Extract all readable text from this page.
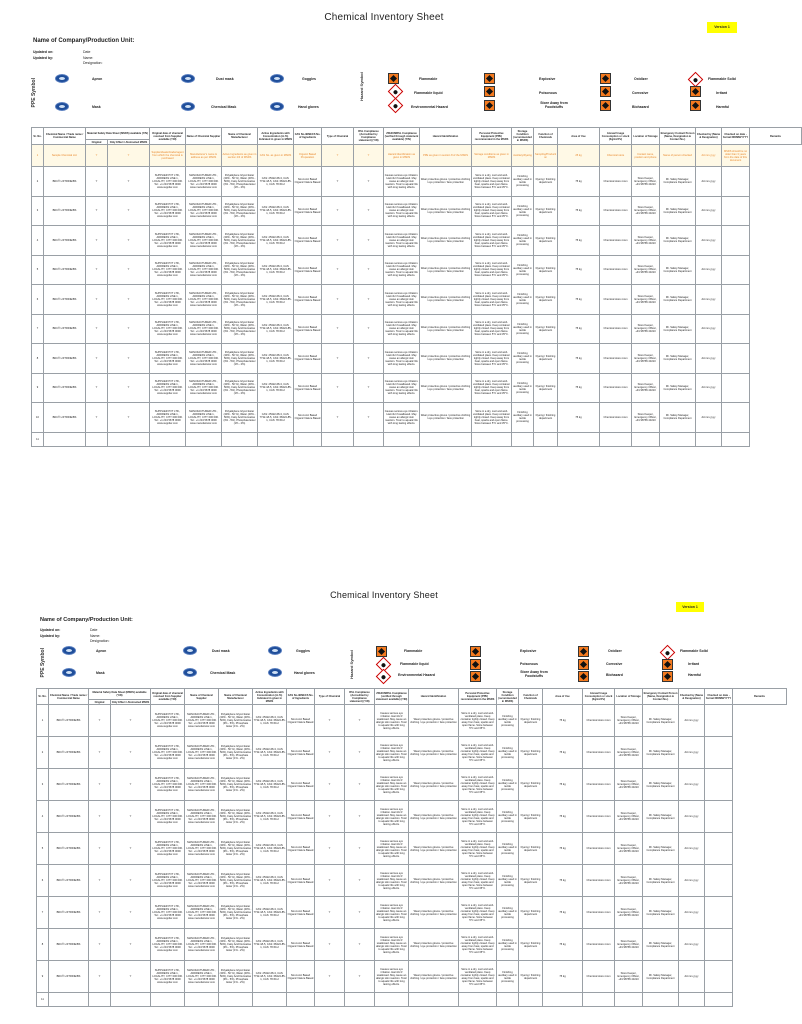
Chemical Inventory Sheet
Version 1
Name of Company/Production Unit:
Updated on:	Date
Updated by:	Name:
Designation:
PPE Symbol	Hazard Symbol
Apron	Dust mask	Goggles
Mask	Chemical Mask	Hand gloves
Flammable	Explosive	Oxidizer	Flammable Solid
Flammable liquid	Poisonous	Corrosive	Irritant
Environmental Hazard
Store Away from Foodstuffs	Biohazard	Harmful
Sr. No.	Chemical Name / Trade name / Commercial Name	Material Safety Data Sheet (MSDS) available (Y/N)		Original date of chemical received from Supplier available (Y/N)	Name of Chemical Supplier	Name of Chemical Manufacturer	Active Ingredients with Concentration (in %) Indicated in given in MSDS	CAS No./EINECS No. of Ingredients	Type of Chemical	RSL Compliance (Accredited by Compliance statement) (Y/N)	ZDHC/MRSL Compliance (verified through statement available) (Y/N)	Hazard Identification	Personal Protective Equipment (PPE) recommended in the MSDS	Storage Condition (recommended in MSDS)	Function of Chemicals	Area of Use	Annual Usage Consumption or stock (Kg/Ltr/Pc)	Location of Storage	Emergency Contact Person (Name, Designation & Contact No.)	Checked by (Name & Designation)	Checked on date - format DD/MM/YYYY	Remarks
		Original	Only Effect / Abstracted MSDS																			
1	Sample Chemical Ltd.	Y	Y	Supplier/dealer/trader/agent from which the chemical is purchased	Manufacturer's name & address as per MSDS	Active Ingredients as given in section 2/3 of MSDS	CAS No. as given in MSDS	Organic Based Preparation	Y	Y	Hazard Identification as given in MSDS	PPE as given in section 8 of the MSDS	Storage conditions as given in MSDS	Auxiliary/Dyeing	Sampling/Production	25 kg	Chemical store	Contact name, position and phone	Name of person checked	dd.mm.yyyy	MSDS should be no older than 3 years from the date of this document	
2	BDC® LIFTRINE/BS	Y	Y	SUPPLIER PVT LTD., ADDRESS LINE 1, LOCALITY, CITY 000 000. Tel.: +1 234 5678 0000 www.supplier.com	MANUFACTURER LTD., ADDRESS LINE 1, LOCALITY, CITY 000 000. Tel.: +1 234 5678 0000 www.manufacturer.com	Polyalkylene Glycol Ester (40% - 50 %), Water (40% - 50%), Fatty Acid Derivative (3% - 5%), Phosphate Ester (1% - 2%)	CAS: 25322-68-3, CAS: 7732-18-5, CAS: 68424-85-1, CAS: 78-50-2	Non-Ionic Based Organic Nature Based	Y	Y	Causes serious eye irritation. Harmful if swallowed. May cause an allergic skin reaction. Toxic to aquatic life with long lasting effects.	Wear protective gloves / protective clothing / eye protection / face protection	Store in a dry, cool and well-ventilated place. Keep container tightly closed. Keep away from heat, sparks and open flame. Store between 5°C and 35°C.	Finishing auxiliary used in textile processing	Dyeing / finishing department	75 kg	Chemical store room	Store Keeper, Emergency Officer, +91 98765 43210	Mr. Safety Manager, Compliance Department	dd.mm.yyyy		
3	BDC® LIFTRINE/BS	Y	Y	SUPPLIER PVT LTD., ADDRESS LINE 1, LOCALITY, CITY 000 000. Tel.: +1 234 5678 0000 www.supplier.com	MANUFACTURER LTD., ADDRESS LINE 1, LOCALITY, CITY 000 000. Tel.: +1 234 5678 0000 www.manufacturer.com	Polyalkylene Glycol Ester (40% - 50 %), Water (40% - 50%), Fatty Acid Derivative (3% - 5%), Phosphate Ester (1% - 2%)	CAS: 25322-68-3, CAS: 7732-18-5, CAS: 68424-85-1, CAS: 78-50-2	Non-Ionic Based Organic Nature Based	Y	Y	Causes serious eye irritation. Harmful if swallowed. May cause an allergic skin reaction. Toxic to aquatic life with long lasting effects.	Wear protective gloves / protective clothing / eye protection / face protection	Store in a dry, cool and well-ventilated place. Keep container tightly closed. Keep away from heat, sparks and open flame. Store between 5°C and 35°C.	Finishing auxiliary used in textile processing	Dyeing / finishing department	75 kg	Chemical store room	Store Keeper, Emergency Officer, +91 98765 43210	Mr. Safety Manager, Compliance Department	dd.mm.yyyy		
4	BDC® LIFTRINE/BS	Y	Y	SUPPLIER PVT LTD., ADDRESS LINE 1, LOCALITY, CITY 000 000. Tel.: +1 234 5678 0000 www.supplier.com	MANUFACTURER LTD., ADDRESS LINE 1, LOCALITY, CITY 000 000. Tel.: +1 234 5678 0000 www.manufacturer.com	Polyalkylene Glycol Ester (40% - 50 %), Water (40% - 50%), Fatty Acid Derivative (3% - 5%), Phosphate Ester (1% - 2%)	CAS: 25322-68-3, CAS: 7732-18-5, CAS: 68424-85-1, CAS: 78-50-2	Non-Ionic Based Organic Nature Based	Y	Y	Causes serious eye irritation. Harmful if swallowed. May cause an allergic skin reaction. Toxic to aquatic life with long lasting effects.	Wear protective gloves / protective clothing / eye protection / face protection	Store in a dry, cool and well-ventilated place. Keep container tightly closed. Keep away from heat, sparks and open flame. Store between 5°C and 35°C.	Finishing auxiliary used in textile processing	Dyeing / finishing department	75 kg	Chemical store room	Store Keeper, Emergency Officer, +91 98765 43210	Mr. Safety Manager, Compliance Department	dd.mm.yyyy		
5	BDC® LIFTRINE/BS	Y	Y	SUPPLIER PVT LTD., ADDRESS LINE 1, LOCALITY, CITY 000 000. Tel.: +1 234 5678 0000 www.supplier.com	MANUFACTURER LTD., ADDRESS LINE 1, LOCALITY, CITY 000 000. Tel.: +1 234 5678 0000 www.manufacturer.com	Polyalkylene Glycol Ester (40% - 50 %), Water (40% - 50%), Fatty Acid Derivative (3% - 5%), Phosphate Ester (1% - 2%)	CAS: 25322-68-3, CAS: 7732-18-5, CAS: 68424-85-1, CAS: 78-50-2	Non-Ionic Based Organic Nature Based	Y	Y	Causes serious eye irritation. Harmful if swallowed. May cause an allergic skin reaction. Toxic to aquatic life with long lasting effects.	Wear protective gloves / protective clothing / eye protection / face protection	Store in a dry, cool and well-ventilated place. Keep container tightly closed. Keep away from heat, sparks and open flame. Store between 5°C and 35°C.	Finishing auxiliary used in textile processing	Dyeing / finishing department	75 kg	Chemical store room	Store Keeper, Emergency Officer, +91 98765 43210	Mr. Safety Manager, Compliance Department	dd.mm.yyyy		
6	BDC® LIFTRINE/BS	Y	Y	SUPPLIER PVT LTD., ADDRESS LINE 1, LOCALITY, CITY 000 000. Tel.: +1 234 5678 0000 www.supplier.com	MANUFACTURER LTD., ADDRESS LINE 1, LOCALITY, CITY 000 000. Tel.: +1 234 5678 0000 www.manufacturer.com	Polyalkylene Glycol Ester (40% - 50 %), Water (40% - 50%), Fatty Acid Derivative (3% - 5%), Phosphate Ester (1% - 2%)	CAS: 25322-68-3, CAS: 7732-18-5, CAS: 68424-85-1, CAS: 78-50-2	Non-Ionic Based Organic Nature Based	Y	Y	Causes serious eye irritation. Harmful if swallowed. May cause an allergic skin reaction. Toxic to aquatic life with long lasting effects.	Wear protective gloves / protective clothing / eye protection / face protection	Store in a dry, cool and well-ventilated place. Keep container tightly closed. Keep away from heat, sparks and open flame. Store between 5°C and 35°C.	Finishing auxiliary used in textile processing	Dyeing / finishing department	75 kg	Chemical store room	Store Keeper, Emergency Officer, +91 98765 43210	Mr. Safety Manager, Compliance Department	dd.mm.yyyy		
7	BDC® LIFTRINE/BS	Y	Y	SUPPLIER PVT LTD., ADDRESS LINE 1, LOCALITY, CITY 000 000. Tel.: +1 234 5678 0000 www.supplier.com	MANUFACTURER LTD., ADDRESS LINE 1, LOCALITY, CITY 000 000. Tel.: +1 234 5678 0000 www.manufacturer.com	Polyalkylene Glycol Ester (40% - 50 %), Water (40% - 50%), Fatty Acid Derivative (3% - 5%), Phosphate Ester (1% - 2%)	CAS: 25322-68-3, CAS: 7732-18-5, CAS: 68424-85-1, CAS: 78-50-2	Non-Ionic Based Organic Nature Based	Y	Y	Causes serious eye irritation. Harmful if swallowed. May cause an allergic skin reaction. Toxic to aquatic life with long lasting effects.	Wear protective gloves / protective clothing / eye protection / face protection	Store in a dry, cool and well-ventilated place. Keep container tightly closed. Keep away from heat, sparks and open flame. Store between 5°C and 35°C.	Finishing auxiliary used in textile processing	Dyeing / finishing department	75 kg	Chemical store room	Store Keeper, Emergency Officer, +91 98765 43210	Mr. Safety Manager, Compliance Department	dd.mm.yyyy		
8	BDC® LIFTRINE/BS	Y	Y	SUPPLIER PVT LTD., ADDRESS LINE 1, LOCALITY, CITY 000 000. Tel.: +1 234 5678 0000 www.supplier.com	MANUFACTURER LTD., ADDRESS LINE 1, LOCALITY, CITY 000 000. Tel.: +1 234 5678 0000 www.manufacturer.com	Polyalkylene Glycol Ester (40% - 50 %), Water (40% - 50%), Fatty Acid Derivative (3% - 5%), Phosphate Ester (1% - 2%)	CAS: 25322-68-3, CAS: 7732-18-5, CAS: 68424-85-1, CAS: 78-50-2	Non-Ionic Based Organic Nature Based	Y	Y	Causes serious eye irritation. Harmful if swallowed. May cause an allergic skin reaction. Toxic to aquatic life with long lasting effects.	Wear protective gloves / protective clothing / eye protection / face protection	Store in a dry, cool and well-ventilated place. Keep container tightly closed. Keep away from heat, sparks and open flame. Store between 5°C and 35°C.	Finishing auxiliary used in textile processing	Dyeing / finishing department	75 kg	Chemical store room	Store Keeper, Emergency Officer, +91 98765 43210	Mr. Safety Manager, Compliance Department	dd.mm.yyyy		
9	BDC® LIFTRINE/BS	Y	Y	SUPPLIER PVT LTD., ADDRESS LINE 1, LOCALITY, CITY 000 000. Tel.: +1 234 5678 0000 www.supplier.com	MANUFACTURER LTD., ADDRESS LINE 1, LOCALITY, CITY 000 000. Tel.: +1 234 5678 0000 www.manufacturer.com	Polyalkylene Glycol Ester (40% - 50 %), Water (40% - 50%), Fatty Acid Derivative (3% - 5%), Phosphate Ester (1% - 2%)	CAS: 25322-68-3, CAS: 7732-18-5, CAS: 68424-85-1, CAS: 78-50-2	Non-Ionic Based Organic Nature Based	Y	Y	Causes serious eye irritation. Harmful if swallowed. May cause an allergic skin reaction. Toxic to aquatic life with long lasting effects.	Wear protective gloves / protective clothing / eye protection / face protection	Store in a dry, cool and well-ventilated place. Keep container tightly closed. Keep away from heat, sparks and open flame. Store between 5°C and 35°C.	Finishing auxiliary used in textile processing	Dyeing / finishing department	75 kg	Chemical store room	Store Keeper, Emergency Officer, +91 98765 43210	Mr. Safety Manager, Compliance Department	dd.mm.yyyy		
10	BDC® LIFTRINE/BS	Y	Y	SUPPLIER PVT LTD., ADDRESS LINE 1, LOCALITY, CITY 000 000. Tel.: +1 234 5678 0000 www.supplier.com	MANUFACTURER LTD., ADDRESS LINE 1, LOCALITY, CITY 000 000. Tel.: +1 234 5678 0000 www.manufacturer.com	Polyalkylene Glycol Ester (40% - 50 %), Water (40% - 50%), Fatty Acid Derivative (3% - 5%), Phosphate Ester (1% - 2%)	CAS: 25322-68-3, CAS: 7732-18-5, CAS: 68424-85-1, CAS: 78-50-2	Non-Ionic Based Organic Nature Based	Y	Y	Causes serious eye irritation. Harmful if swallowed. May cause an allergic skin reaction. Toxic to aquatic life with long lasting effects.	Wear protective gloves / protective clothing / eye protection / face protection	Store in a dry, cool and well-ventilated place. Keep container tightly closed. Keep away from heat, sparks and open flame. Store between 5°C and 35°C.	Finishing auxiliary used in textile processing	Dyeing / finishing department	75 kg	Chemical store room	Store Keeper, Emergency Officer, +91 98765 43210	Mr. Safety Manager, Compliance Department	dd.mm.yyyy		
11																						
Chemical Inventory Sheet
Version 1
Name of Company/Production Unit:
Updated on:	Date
Updated by:	Name:
Designation:
PPE Symbol	Hazard Symbol
Apron	Dust mask	Goggles
Mask	Chemical Mask	Hand gloves
Flammable	Explosive	Oxidizer	Flammable Solid
Flammable liquid	Poisonous	Corrosive	Irritant
Environmental Hazard
Store Away from Foodstuffs	Biohazard	Harmful
Sr. No.	Chemical Name / Trade name / Commercial Name	Material Safety Data Sheet (MSDS) available (Y/N)		Original date of chemical received from Supplier available (Y/N)	Name of Chemical Supplier	Name of Chemical Manufacturer	Active Ingredients with Concentration (in %) Indicated in given in MSDS	CAS No./EINECS No. of Ingredients	Type of Chemical	RSL Compliance (Accredited by Compliance statement) (Y/N)	ZDHC/MRSL Compliance (verified through statement available) (Y/N)	Hazard Identification	Personal Protective Equipment (PPE) recommended in the MSDS	Storage Condition (recommended in MSDS)	Function of Chemicals	Area of Use	Annual Usage Consumption or stock (Kg/Ltr/Pc)	Location of Storage	Emergency Contact Person (Name, Designation & Contact No.)	Checked by (Name & Designation)	Checked on date - format DD/MM/YYYY	Remarks
		Original	Only Effect / Abstracted MSDS																			
1	BDC® LIFTRINE/BS	Y	Y	SUPPLIER PVT LTD., ADDRESS LINE 1, LOCALITY, CITY 000 000. Tel.: +1 234 5678 0000 www.supplier.com	MANUFACTURER LTD., ADDRESS LINE 1, LOCALITY, CITY 000 000. Tel.: +1 234 5678 0000 www.manufacturer.com	Polyalkylene Glycol Ester (40% - 50 %), Water (40% - 50%), Fatty Acid Derivative (3% - 5%), Phosphate Ester (1% - 2%)	CAS: 25322-68-3, CAS: 7732-18-5, CAS: 68424-85-1, CAS: 78-50-2	Non-Ionic Based Organic Nature Based	Y	Y	Causes serious eye irritation. Harmful if swallowed. May cause an allergic skin reaction. Toxic to aquatic life with long lasting effects.	Wear protective gloves / protective clothing / eye protection / face protection	Store in a dry, cool and well-ventilated place. Keep container tightly closed. Keep away from heat, sparks and open flame. Store between 5°C and 35°C.	Finishing auxiliary used in textile processing	Dyeing / finishing department	75 kg	Chemical store room	Store Keeper, Emergency Officer, +91 98765 43210	Mr. Safety Manager, Compliance Department	dd.mm.yyyy		
2	BDC® LIFTRINE/BS	Y	Y	SUPPLIER PVT LTD., ADDRESS LINE 1, LOCALITY, CITY 000 000. Tel.: +1 234 5678 0000 www.supplier.com	MANUFACTURER LTD., ADDRESS LINE 1, LOCALITY, CITY 000 000. Tel.: +1 234 5678 0000 www.manufacturer.com	Polyalkylene Glycol Ester (40% - 50 %), Water (40% - 50%), Fatty Acid Derivative (3% - 5%), Phosphate Ester (1% - 2%)	CAS: 25322-68-3, CAS: 7732-18-5, CAS: 68424-85-1, CAS: 78-50-2	Non-Ionic Based Organic Nature Based	Y	Y	Causes serious eye irritation. Harmful if swallowed. May cause an allergic skin reaction. Toxic to aquatic life with long lasting effects.	Wear protective gloves / protective clothing / eye protection / face protection	Store in a dry, cool and well-ventilated place. Keep container tightly closed. Keep away from heat, sparks and open flame. Store between 5°C and 35°C.	Finishing auxiliary used in textile processing	Dyeing / finishing department	75 kg	Chemical store room	Store Keeper, Emergency Officer, +91 98765 43210	Mr. Safety Manager, Compliance Department	dd.mm.yyyy		
3	BDC® LIFTRINE/BS	Y	Y	SUPPLIER PVT LTD., ADDRESS LINE 1, LOCALITY, CITY 000 000. Tel.: +1 234 5678 0000 www.supplier.com	MANUFACTURER LTD., ADDRESS LINE 1, LOCALITY, CITY 000 000. Tel.: +1 234 5678 0000 www.manufacturer.com	Polyalkylene Glycol Ester (40% - 50 %), Water (40% - 50%), Fatty Acid Derivative (3% - 5%), Phosphate Ester (1% - 2%)	CAS: 25322-68-3, CAS: 7732-18-5, CAS: 68424-85-1, CAS: 78-50-2	Non-Ionic Based Organic Nature Based	Y	Y	Causes serious eye irritation. Harmful if swallowed. May cause an allergic skin reaction. Toxic to aquatic life with long lasting effects.	Wear protective gloves / protective clothing / eye protection / face protection	Store in a dry, cool and well-ventilated place. Keep container tightly closed. Keep away from heat, sparks and open flame. Store between 5°C and 35°C.	Finishing auxiliary used in textile processing	Dyeing / finishing department	75 kg	Chemical store room	Store Keeper, Emergency Officer, +91 98765 43210	Mr. Safety Manager, Compliance Department	dd.mm.yyyy		
4	BDC® LIFTRINE/BS	Y	Y	SUPPLIER PVT LTD., ADDRESS LINE 1, LOCALITY, CITY 000 000. Tel.: +1 234 5678 0000 www.supplier.com	MANUFACTURER LTD., ADDRESS LINE 1, LOCALITY, CITY 000 000. Tel.: +1 234 5678 0000 www.manufacturer.com	Polyalkylene Glycol Ester (40% - 50 %), Water (40% - 50%), Fatty Acid Derivative (3% - 5%), Phosphate Ester (1% - 2%)	CAS: 25322-68-3, CAS: 7732-18-5, CAS: 68424-85-1, CAS: 78-50-2	Non-Ionic Based Organic Nature Based	Y	Y	Causes serious eye irritation. Harmful if swallowed. May cause an allergic skin reaction. Toxic to aquatic life with long lasting effects.	Wear protective gloves / protective clothing / eye protection / face protection	Store in a dry, cool and well-ventilated place. Keep container tightly closed. Keep away from heat, sparks and open flame. Store between 5°C and 35°C.	Finishing auxiliary used in textile processing	Dyeing / finishing department	75 kg	Chemical store room	Store Keeper, Emergency Officer, +91 98765 43210	Mr. Safety Manager, Compliance Department	dd.mm.yyyy		
5	BDC® LIFTRINE/BS	Y	Y	SUPPLIER PVT LTD., ADDRESS LINE 1, LOCALITY, CITY 000 000. Tel.: +1 234 5678 0000 www.supplier.com	MANUFACTURER LTD., ADDRESS LINE 1, LOCALITY, CITY 000 000. Tel.: +1 234 5678 0000 www.manufacturer.com	Polyalkylene Glycol Ester (40% - 50 %), Water (40% - 50%), Fatty Acid Derivative (3% - 5%), Phosphate Ester (1% - 2%)	CAS: 25322-68-3, CAS: 7732-18-5, CAS: 68424-85-1, CAS: 78-50-2	Non-Ionic Based Organic Nature Based	Y	Y	Causes serious eye irritation. Harmful if swallowed. May cause an allergic skin reaction. Toxic to aquatic life with long lasting effects.	Wear protective gloves / protective clothing / eye protection / face protection	Store in a dry, cool and well-ventilated place. Keep container tightly closed. Keep away from heat, sparks and open flame. Store between 5°C and 35°C.	Finishing auxiliary used in textile processing	Dyeing / finishing department	75 kg	Chemical store room	Store Keeper, Emergency Officer, +91 98765 43210	Mr. Safety Manager, Compliance Department	dd.mm.yyyy		
6	BDC® LIFTRINE/BS	Y	Y	SUPPLIER PVT LTD., ADDRESS LINE 1, LOCALITY, CITY 000 000. Tel.: +1 234 5678 0000 www.supplier.com	MANUFACTURER LTD., ADDRESS LINE 1, LOCALITY, CITY 000 000. Tel.: +1 234 5678 0000 www.manufacturer.com	Polyalkylene Glycol Ester (40% - 50 %), Water (40% - 50%), Fatty Acid Derivative (3% - 5%), Phosphate Ester (1% - 2%)	CAS: 25322-68-3, CAS: 7732-18-5, CAS: 68424-85-1, CAS: 78-50-2	Non-Ionic Based Organic Nature Based	Y	Y	Causes serious eye irritation. Harmful if swallowed. May cause an allergic skin reaction. Toxic to aquatic life with long lasting effects.	Wear protective gloves / protective clothing / eye protection / face protection	Store in a dry, cool and well-ventilated place. Keep container tightly closed. Keep away from heat, sparks and open flame. Store between 5°C and 35°C.	Finishing auxiliary used in textile processing	Dyeing / finishing department	75 kg	Chemical store room	Store Keeper, Emergency Officer, +91 98765 43210	Mr. Safety Manager, Compliance Department	dd.mm.yyyy		
7	BDC® LIFTRINE/BS	Y	Y	SUPPLIER PVT LTD., ADDRESS LINE 1, LOCALITY, CITY 000 000. Tel.: +1 234 5678 0000 www.supplier.com	MANUFACTURER LTD., ADDRESS LINE 1, LOCALITY, CITY 000 000. Tel.: +1 234 5678 0000 www.manufacturer.com	Polyalkylene Glycol Ester (40% - 50 %), Water (40% - 50%), Fatty Acid Derivative (3% - 5%), Phosphate Ester (1% - 2%)	CAS: 25322-68-3, CAS: 7732-18-5, CAS: 68424-85-1, CAS: 78-50-2	Non-Ionic Based Organic Nature Based	Y	Y	Causes serious eye irritation. Harmful if swallowed. May cause an allergic skin reaction. Toxic to aquatic life with long lasting effects.	Wear protective gloves / protective clothing / eye protection / face protection	Store in a dry, cool and well-ventilated place. Keep container tightly closed. Keep away from heat, sparks and open flame. Store between 5°C and 35°C.	Finishing auxiliary used in textile processing	Dyeing / finishing department	75 kg	Chemical store room	Store Keeper, Emergency Officer, +91 98765 43210	Mr. Safety Manager, Compliance Department	dd.mm.yyyy		
8	BDC® LIFTRINE/BS	Y	Y	SUPPLIER PVT LTD., ADDRESS LINE 1, LOCALITY, CITY 000 000. Tel.: +1 234 5678 0000 www.supplier.com	MANUFACTURER LTD., ADDRESS LINE 1, LOCALITY, CITY 000 000. Tel.: +1 234 5678 0000 www.manufacturer.com	Polyalkylene Glycol Ester (40% - 50 %), Water (40% - 50%), Fatty Acid Derivative (3% - 5%), Phosphate Ester (1% - 2%)	CAS: 25322-68-3, CAS: 7732-18-5, CAS: 68424-85-1, CAS: 78-50-2	Non-Ionic Based Organic Nature Based	Y	Y	Causes serious eye irritation. Harmful if swallowed. May cause an allergic skin reaction. Toxic to aquatic life with long lasting effects.	Wear protective gloves / protective clothing / eye protection / face protection	Store in a dry, cool and well-ventilated place. Keep container tightly closed. Keep away from heat, sparks and open flame. Store between 5°C and 35°C.	Finishing auxiliary used in textile processing	Dyeing / finishing department	75 kg	Chemical store room	Store Keeper, Emergency Officer, +91 98765 43210	Mr. Safety Manager, Compliance Department	dd.mm.yyyy		
9	BDC® LIFTRINE/BS	Y	Y	SUPPLIER PVT LTD., ADDRESS LINE 1, LOCALITY, CITY 000 000. Tel.: +1 234 5678 0000 www.supplier.com	MANUFACTURER LTD., ADDRESS LINE 1, LOCALITY, CITY 000 000. Tel.: +1 234 5678 0000 www.manufacturer.com	Polyalkylene Glycol Ester (40% - 50 %), Water (40% - 50%), Fatty Acid Derivative (3% - 5%), Phosphate Ester (1% - 2%)	CAS: 25322-68-3, CAS: 7732-18-5, CAS: 68424-85-1, CAS: 78-50-2	Non-Ionic Based Organic Nature Based	Y	Y	Causes serious eye irritation. Harmful if swallowed. May cause an allergic skin reaction. Toxic to aquatic life with long lasting effects.	Wear protective gloves / protective clothing / eye protection / face protection	Store in a dry, cool and well-ventilated place. Keep container tightly closed. Keep away from heat, sparks and open flame. Store between 5°C and 35°C.	Finishing auxiliary used in textile processing	Dyeing / finishing department	75 kg	Chemical store room	Store Keeper, Emergency Officer, +91 98765 43210	Mr. Safety Manager, Compliance Department	dd.mm.yyyy		
11																						
